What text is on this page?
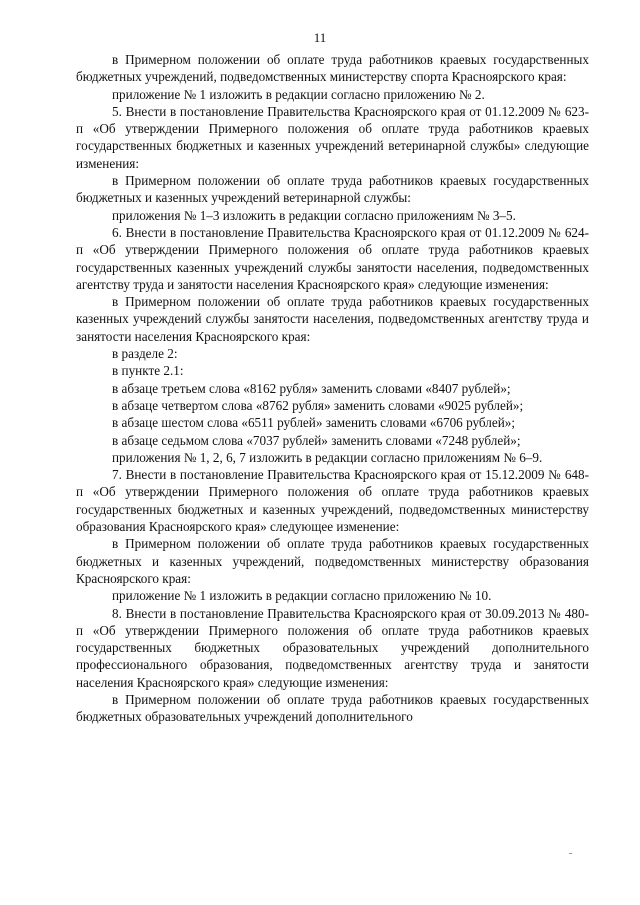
11

в Примерном положении об оплате труда работников краевых государственных бюджетных учреждений, подведомственных министерству спорта Красноярского края:

приложение № 1 изложить в редакции согласно приложению № 2.

5. Внести в постановление Правительства Красноярского края от 01.12.2009 № 623-п «Об утверждении Примерного положения об оплате труда работников краевых государственных бюджетных и казенных учреждений ветеринарной службы» следующие изменения:

в Примерном положении об оплате труда работников краевых государственных бюджетных и казенных учреждений ветеринарной службы:

приложения № 1–3 изложить в редакции согласно приложениям № 3–5.

6. Внести в постановление Правительства Красноярского края от 01.12.2009 № 624-п «Об утверждении Примерного положения об оплате труда работников краевых государственных казенных учреждений службы занятости населения, подведомственных агентству труда и занятости населения Красноярского края» следующие изменения:

в Примерном положении об оплате труда работников краевых государственных казенных учреждений службы занятости населения, подведомственных агентству труда и занятости населения Красноярского края:

в разделе 2:

в пункте 2.1:

в абзаце третьем слова «8162 рубля» заменить словами «8407 рублей»;

в абзаце четвертом слова «8762 рубля» заменить словами «9025 рублей»;

в абзаце шестом слова «6511 рублей» заменить словами «6706 рублей»;

в абзаце седьмом слова «7037 рублей» заменить словами «7248 рублей»;

приложения № 1, 2, 6, 7 изложить в редакции согласно приложениям № 6–9.

7. Внести в постановление Правительства Красноярского края от 15.12.2009 № 648-п «Об утверждении Примерного положения об оплате труда работников краевых государственных бюджетных и казенных учреждений, подведомственных министерству образования Красноярского края» следующее изменение:

в Примерном положении об оплате труда работников краевых государственных бюджетных и казенных учреждений, подведомственных министерству образования Красноярского края:

приложение № 1 изложить в редакции согласно приложению № 10.

8. Внести в постановление Правительства Красноярского края от 30.09.2013 № 480-п «Об утверждении Примерного положения об оплате труда работников краевых государственных бюджетных образовательных учреждений дополнительного профессионального образования, подведомственных агентству труда и занятости населения Красноярского края» следующие изменения:

в Примерном положении об оплате труда работников краевых государственных бюджетных образовательных учреждений дополнительного
